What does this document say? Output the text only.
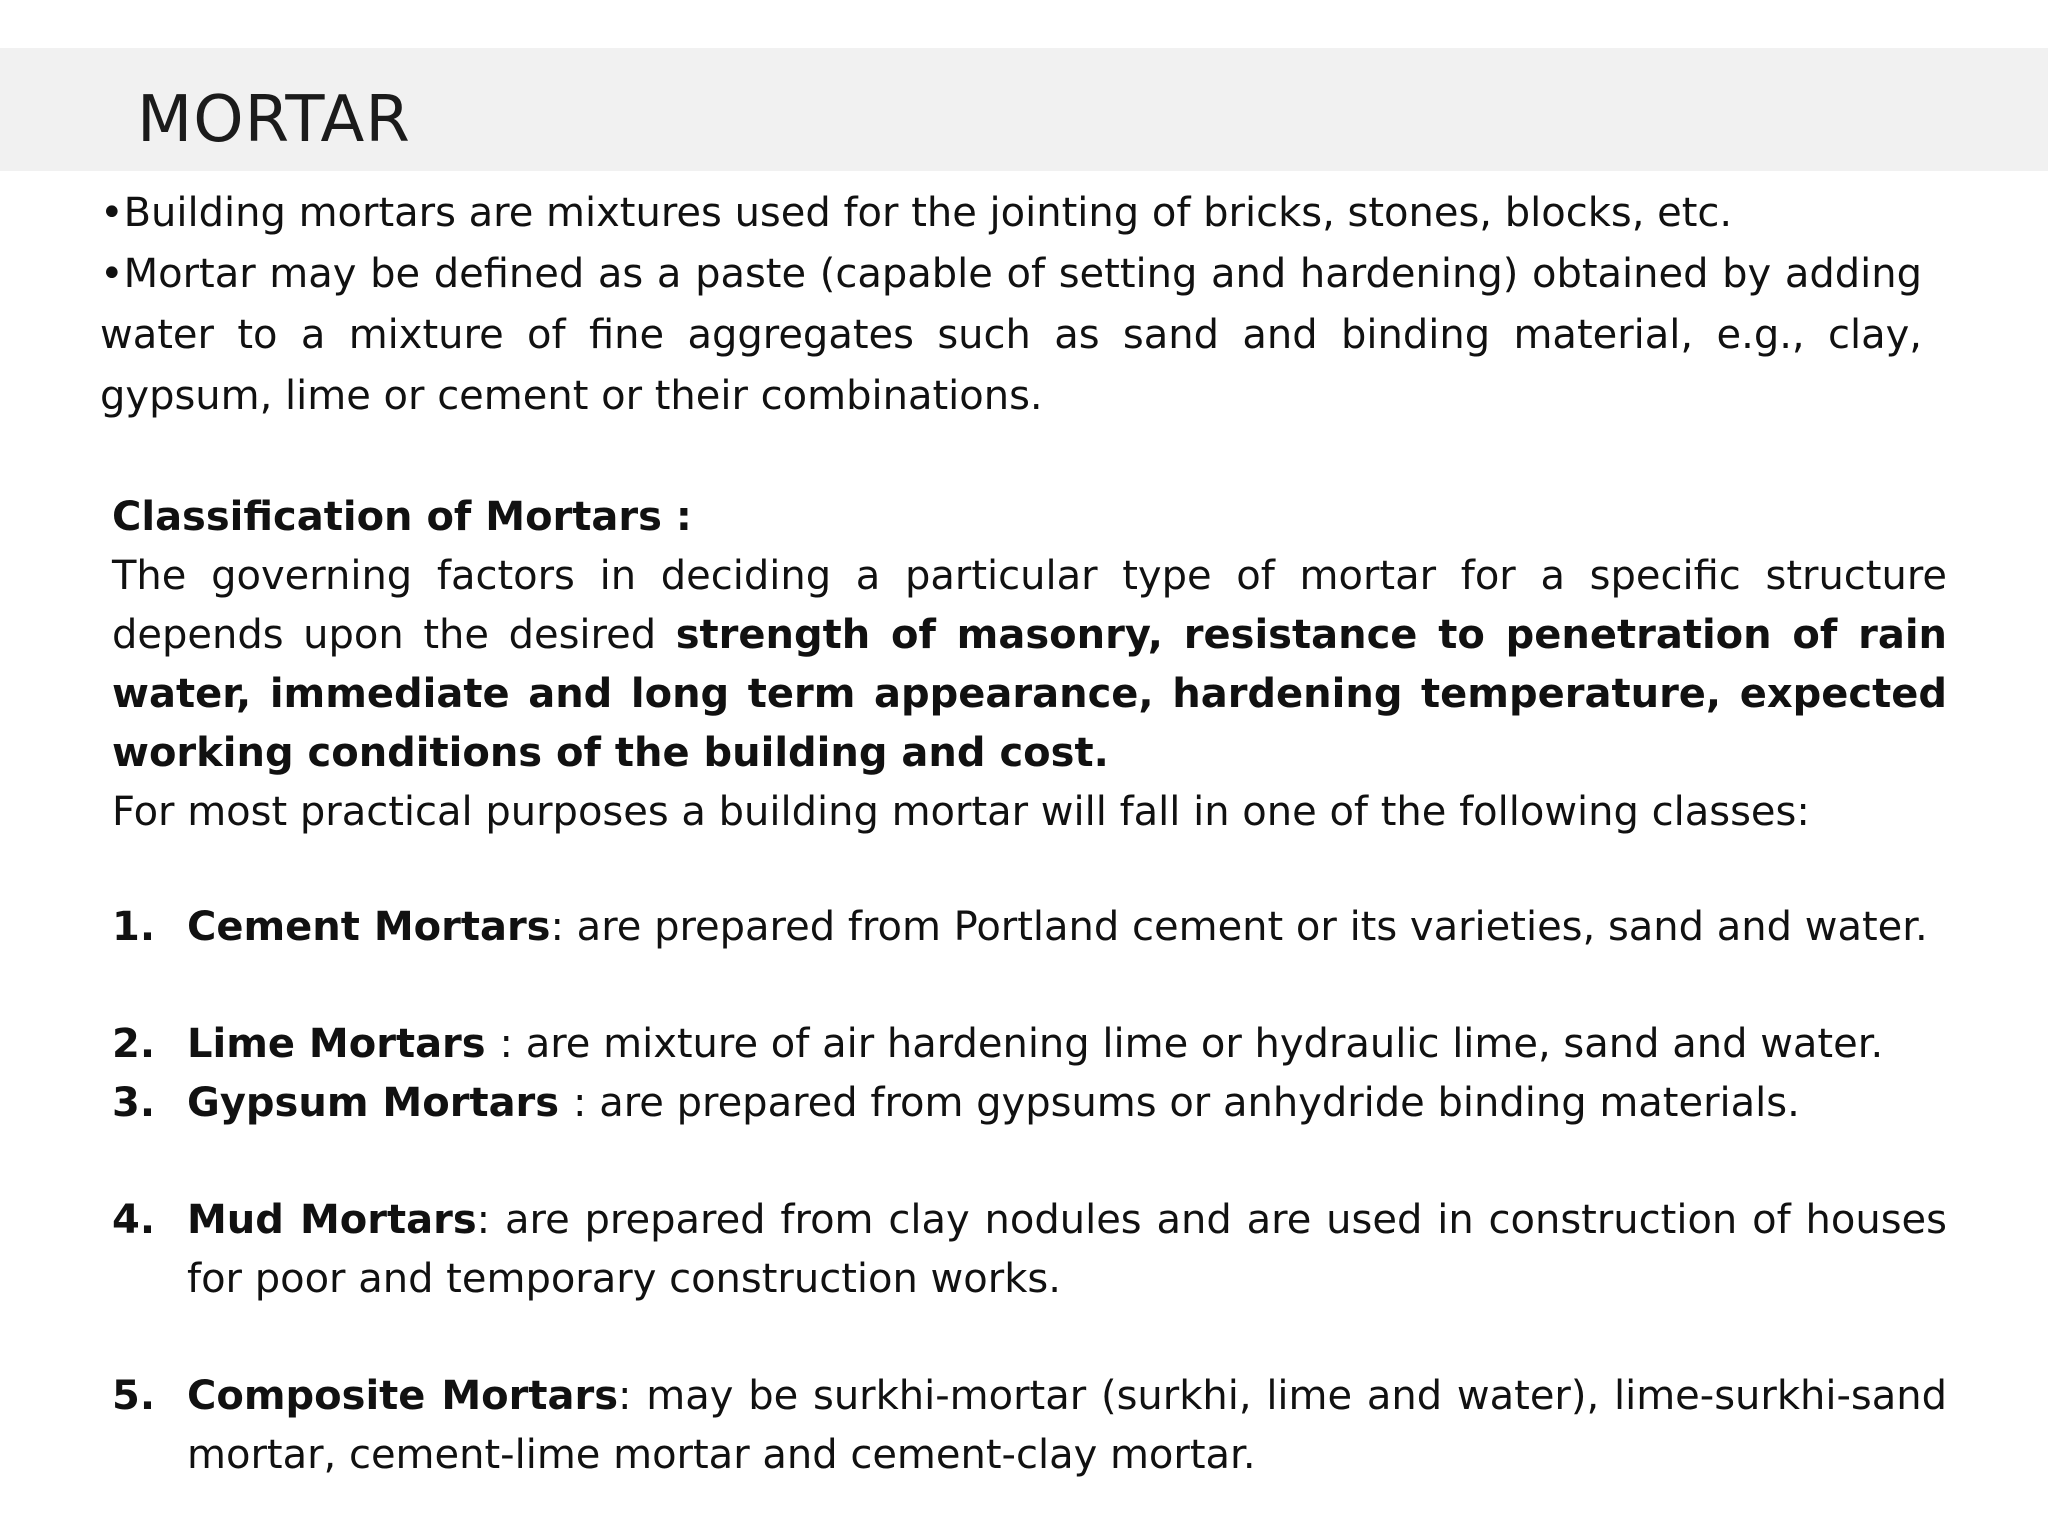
MORTAR

•Building mortars are mixtures used for the jointing of bricks, stones, blocks, etc.

•Mortar may be defined as a paste (capable of setting and hardening) obtained by adding water to a mixture of fine aggregates such as sand and binding material, e.g., clay, gypsum, lime or cement or their combinations.

Classification of Mortars :

The governing factors in deciding a particular type of mortar for a specific structure depends upon the desired strength of masonry, resistance to penetration of rain water, immediate and long term appearance, hardening temperature, expected working conditions of the building and cost.

For most practical purposes a building mortar will fall in one of the following classes:

1. Cement Mortars: are prepared from Portland cement or its varieties, sand and water.
2. Lime Mortars : are mixture of air hardening lime or hydraulic lime, sand and water.
3. Gypsum Mortars : are prepared from gypsums or anhydride binding materials.
4. Mud Mortars: are prepared from clay nodules and are used in construction of houses for poor and temporary construction works.
5. Composite Mortars: may be surkhi-mortar (surkhi, lime and water), lime-surkhi-sand mortar, cement-lime mortar and cement-clay mortar.
